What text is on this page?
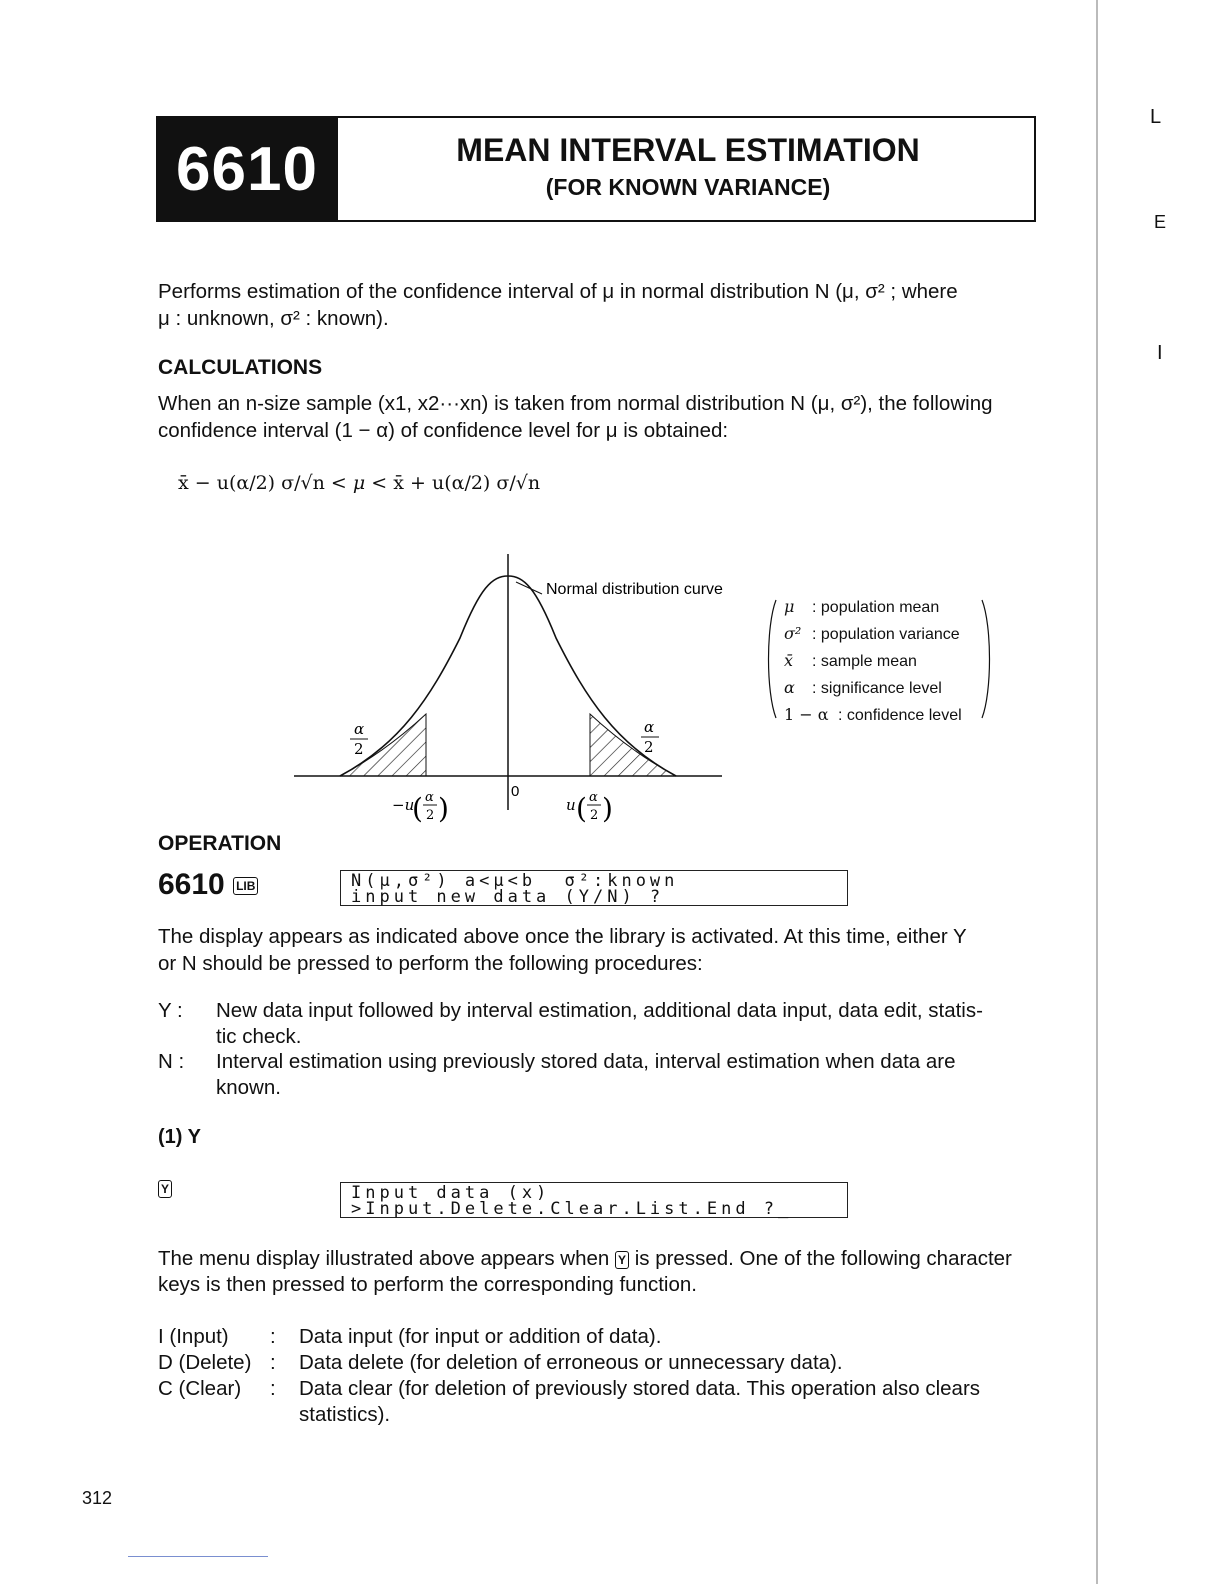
6610	MEAN INTERVAL ESTIMATION
(FOR KNOWN VARIANCE)
L
E
I
Performs estimation of the confidence interval of μ in normal distribution N (μ, σ² ; where
μ : unknown, σ² : known).
CALCULATIONS
When an n-size sample (x1, x2···xn) is taken from normal distribution N (μ, σ²), the following
confidence interval (1 − α) of confidence level for μ is obtained:
x̄ − u(α/2) σ/√n < μ < x̄ + u(α/2) σ/√n
Normal distribution curve
α
2
α
2
0
−u
( α
2 )	u ( α
2 )
μ : population mean
σ² : population variance
x̄ : sample mean
α : significance level
1 − α : confidence level
OPERATION
6610 LIB	N(μ,σ²) a<μ<b  σ²:known
input new data (Y/N) ?
The display appears as indicated above once the library is activated. At this time, either Y
or N should be pressed to perform the following procedures:
Y : New data input followed by interval estimation, additional data input, data edit, statis-
tic check.
N : Interval estimation using previously stored data, interval estimation when data are
known.
(1) Y
Y	Input data (x)
>Input.Delete.Clear.List.End ?_
The menu display illustrated above appears when Y is pressed. One of the following character
keys is then pressed to perform the corresponding function.
I (Input) : Data input (for input or addition of data).
D (Delete) : Data delete (for deletion of erroneous or unnecessary data).
C (Clear) : Data clear (for deletion of previously stored data. This operation also clears
statistics).
312
